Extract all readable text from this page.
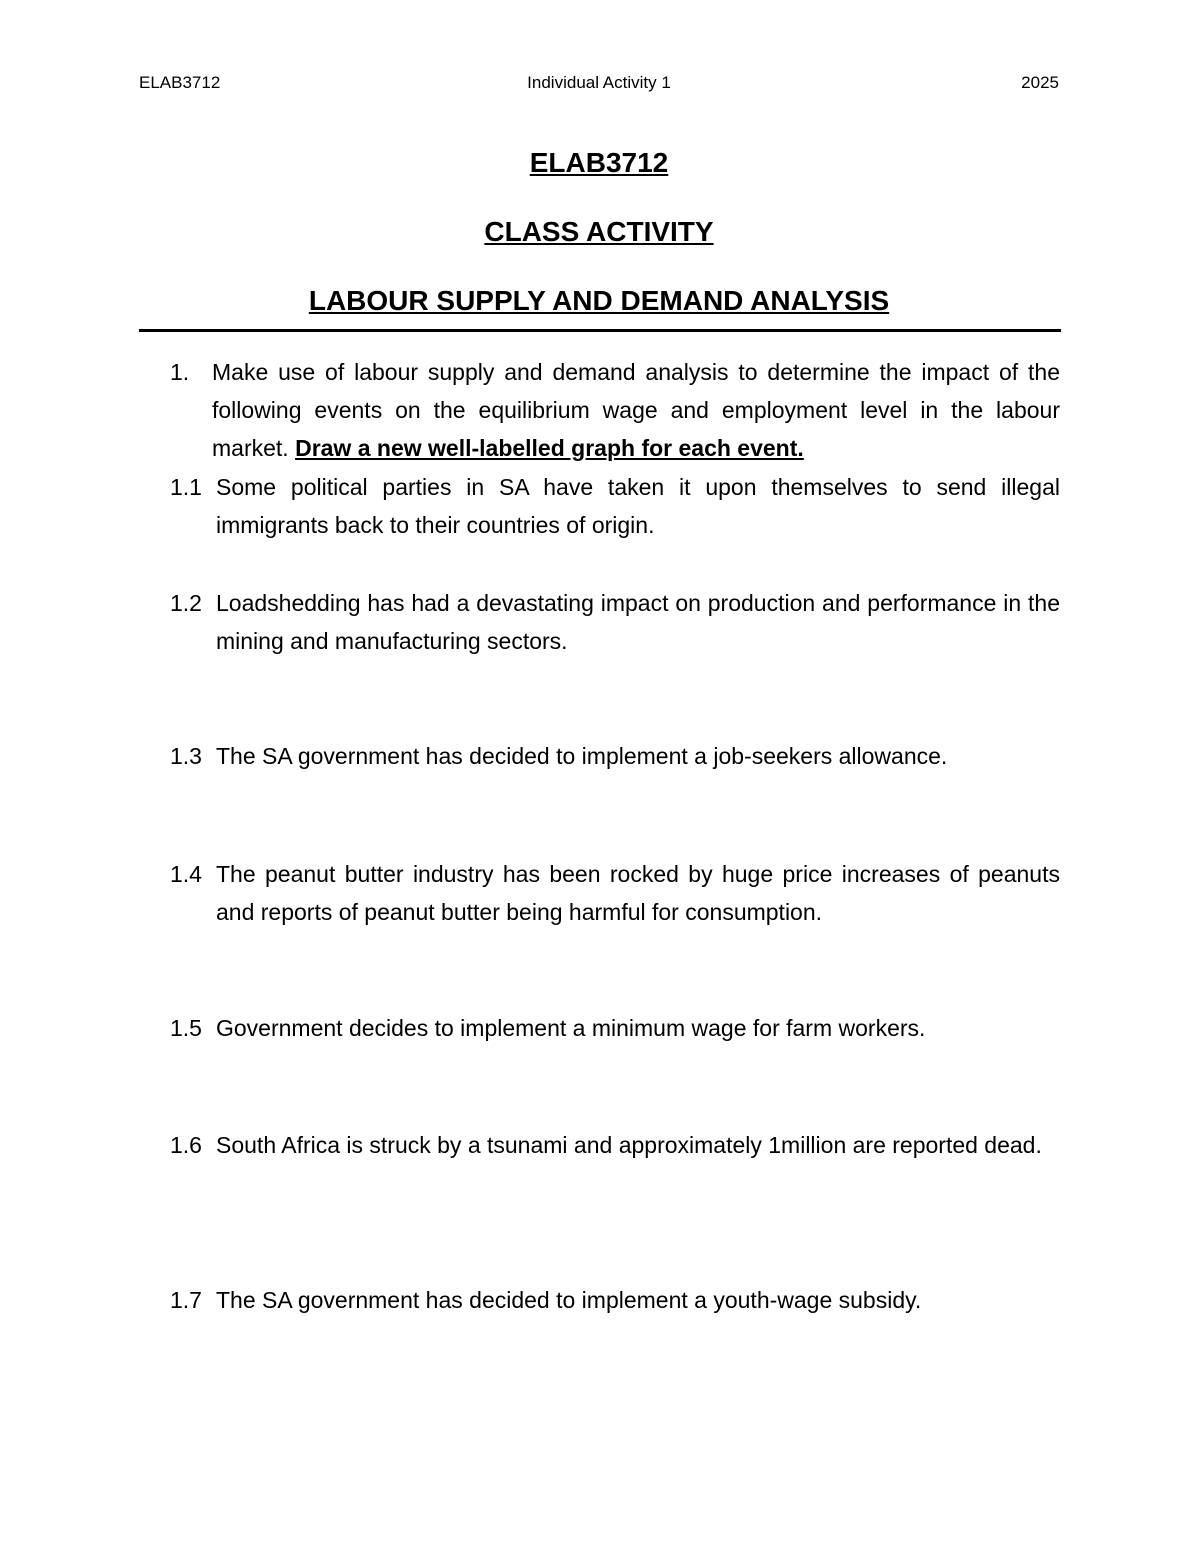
ELAB3712	Individual Activity 1	2025
ELAB3712
CLASS ACTIVITY
LABOUR SUPPLY AND DEMAND ANALYSIS
1. Make use of labour supply and demand analysis to determine the impact of the following events on the equilibrium wage and employment level in the labour market. Draw a new well-labelled graph for each event.
1.1 Some political parties in SA have taken it upon themselves to send illegal immigrants back to their countries of origin.
1.2 Loadshedding has had a devastating impact on production and performance in the mining and manufacturing sectors.
1.3 The SA government has decided to implement a job-seekers allowance.
1.4 The peanut butter industry has been rocked by huge price increases of peanuts and reports of peanut butter being harmful for consumption.
1.5 Government decides to implement a minimum wage for farm workers.
1.6 South Africa is struck by a tsunami and approximately 1million are reported dead.
1.7 The SA government has decided to implement a youth-wage subsidy.
